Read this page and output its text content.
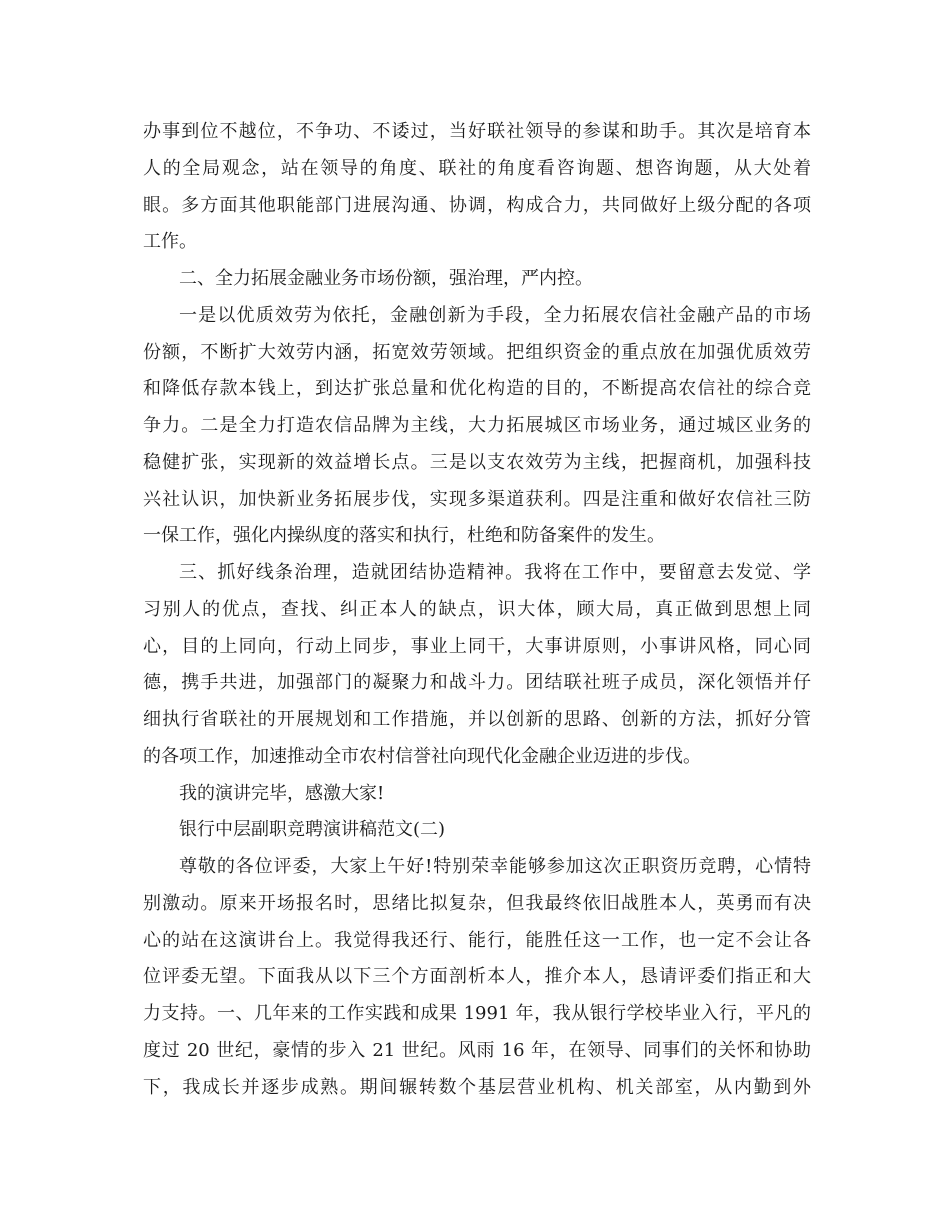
办事到位不越位，不争功、不诿过，当好联社领导的参谋和助手。其次是培育本
人的全局观念，站在领导的角度、联社的角度看咨询题、想咨询题，从大处着
眼。多方面其他职能部门进展沟通、协调，构成合力，共同做好上级分配的各项
工作。
二、全力拓展金融业务市场份额，强治理，严内控。
一是以优质效劳为依托，金融创新为手段，全力拓展农信社金融产品的市场
份额，不断扩大效劳内涵，拓宽效劳领域。把组织资金的重点放在加强优质效劳
和降低存款本钱上，到达扩张总量和优化构造的目的，不断提高农信社的综合竞
争力。二是全力打造农信品牌为主线，大力拓展城区市场业务，通过城区业务的
稳健扩张，实现新的效益增长点。三是以支农效劳为主线，把握商机，加强科技
兴社认识，加快新业务拓展步伐，实现多渠道获利。四是注重和做好农信社三防
一保工作，强化内操纵度的落实和执行，杜绝和防备案件的发生。
三、抓好线条治理，造就团结协造精神。我将在工作中，要留意去发觉、学
习别人的优点，查找、纠正本人的缺点，识大体，顾大局，真正做到思想上同
心，目的上同向，行动上同步，事业上同干，大事讲原则，小事讲风格，同心同
德，携手共进，加强部门的凝聚力和战斗力。团结联社班子成员，深化领悟并仔
细执行省联社的开展规划和工作措施，并以创新的思路、创新的方法，抓好分管
的各项工作，加速推动全市农村信誉社向现代化金融企业迈进的步伐。
我的演讲完毕，感激大家!
银行中层副职竞聘演讲稿范文(二)
尊敬的各位评委，大家上午好!特别荣幸能够参加这次正职资历竞聘，心情特
别激动。原来开场报名时，思绪比拟复杂，但我最终依旧战胜本人，英勇而有决
心的站在这演讲台上。我觉得我还行、能行，能胜任这一工作，也一定不会让各
位评委无望。下面我从以下三个方面剖析本人，推介本人，恳请评委们指正和大
力支持。一、几年来的工作实践和成果 1991 年，我从银行学校毕业入行，平凡的
度过 20 世纪，豪情的步入 21 世纪。风雨 16 年，在领导、同事们的关怀和协助
下，我成长并逐步成熟。期间辗转数个基层营业机构、机关部室，从内勤到外
